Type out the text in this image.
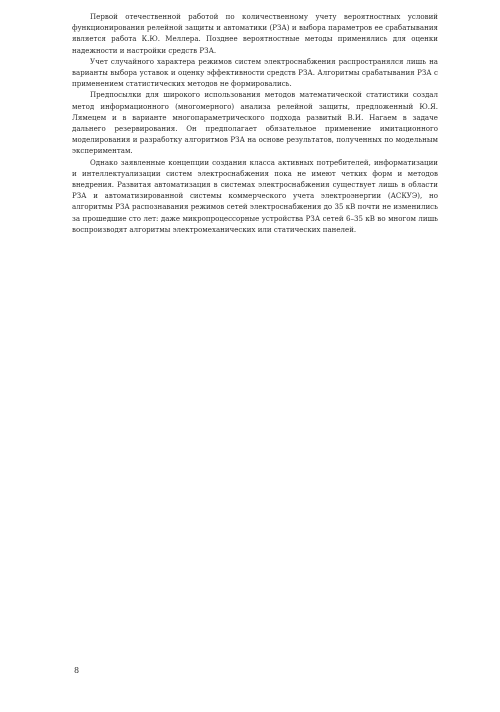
Первой отечественной работой по количественному учету вероятностных условий функционирования релейной защиты и автоматики (РЗА) и выбора параметров ее срабатывания является работа К.Ю. Меллера. Позднее вероятностные методы применялись для оценки надежности и настройки средств РЗА.

Учет случайного характера режимов систем электроснабжения распространялся лишь на варианты выбора уставок и оценку эффективности средств РЗА. Алгоритмы срабатывания РЗА с применением статистических методов не формировались.

Предпосылки для широкого использования методов математической статистики создал метод информационного (многомерного) анализа релейной защиты, предложенный Ю.Я. Лямецем и в варианте многопараметрического подхода развитый В.И. Нагаем в задаче дальнего резервирования. Он предполагает обязательное применение имитационного моделирования и разработку алгоритмов РЗА на основе результатов, полученных по модельным экспериментам.

Однако заявленные концепции создания класса активных потребителей, информатизации и интеллектуализации систем электроснабжения пока не имеют четких форм и методов внедрения. Развитая автоматизация в системах электроснабжения существует лишь в области РЗА и автоматизированной системы коммерческого учета электроэнергии (АСКУЭ), но алгоритмы РЗА распознавания режимов сетей электроснабжения до 35 кВ почти не изменились за прошедшие сто лет: даже микропроцессорные устройства РЗА сетей 6–35 кВ во многом лишь воспроизводят алгоритмы электромеханических или статических панелей.

8
